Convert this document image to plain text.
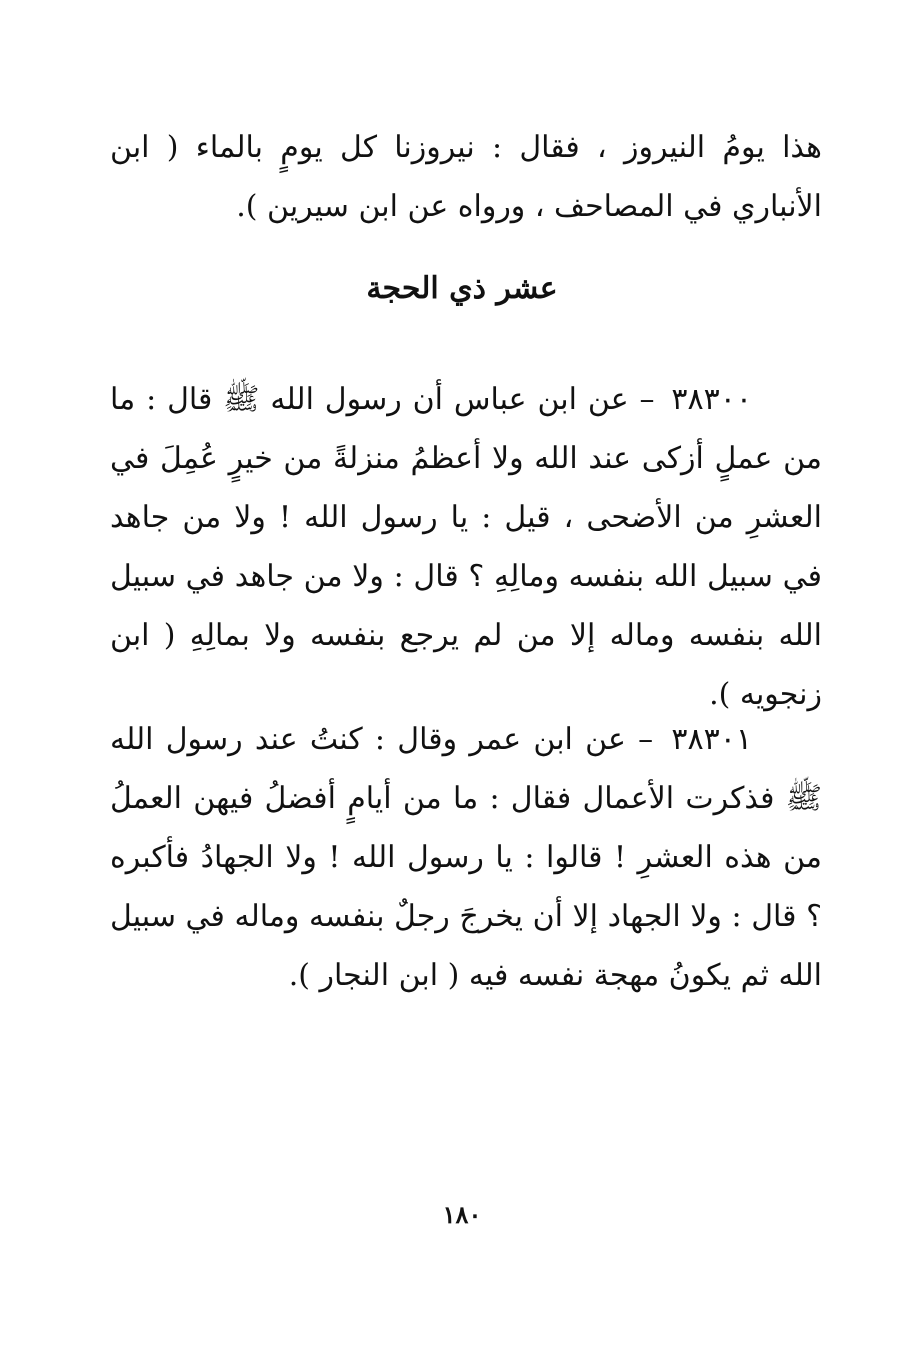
هذا يومُ النيروز ، فقال : نيروزنا كل يومٍ بالماء ( ابن الأنباري في المصاحف ، ورواه عن ابن سيرين ).

عشر ذي الحجة

٣٨٣٠٠ – عن ابن عباس أن رسول الله ﷺ قال : ما من عملٍ أزكى عند الله ولا أعظمُ منزلةً من خيرٍ عُمِلَ في العشرِ من الأضحى ، قيل : يا رسول الله ! ولا من جاهد في سبيل الله بنفسه ومالِهِ ؟ قال : ولا من جاهد في سبيل الله بنفسه وماله إلا من لم يرجع بنفسه ولا بمالِهِ ( ابن زنجويه ).

٣٨٣٠١ – عن ابن عمر وقال : كنتُ عند رسول الله ﷺ فذكرت الأعمال فقال : ما من أيامٍ أفضلُ فيهن العملُ من هذه العشرِ ! قالوا : يا رسول الله ! ولا الجهادُ فأكبره ؟ قال : ولا الجهاد إلا أن يخرجَ رجلٌ بنفسه وماله في سبيل الله ثم يكونُ مهجة نفسه فيه ( ابن النجار ).

١٨٠
